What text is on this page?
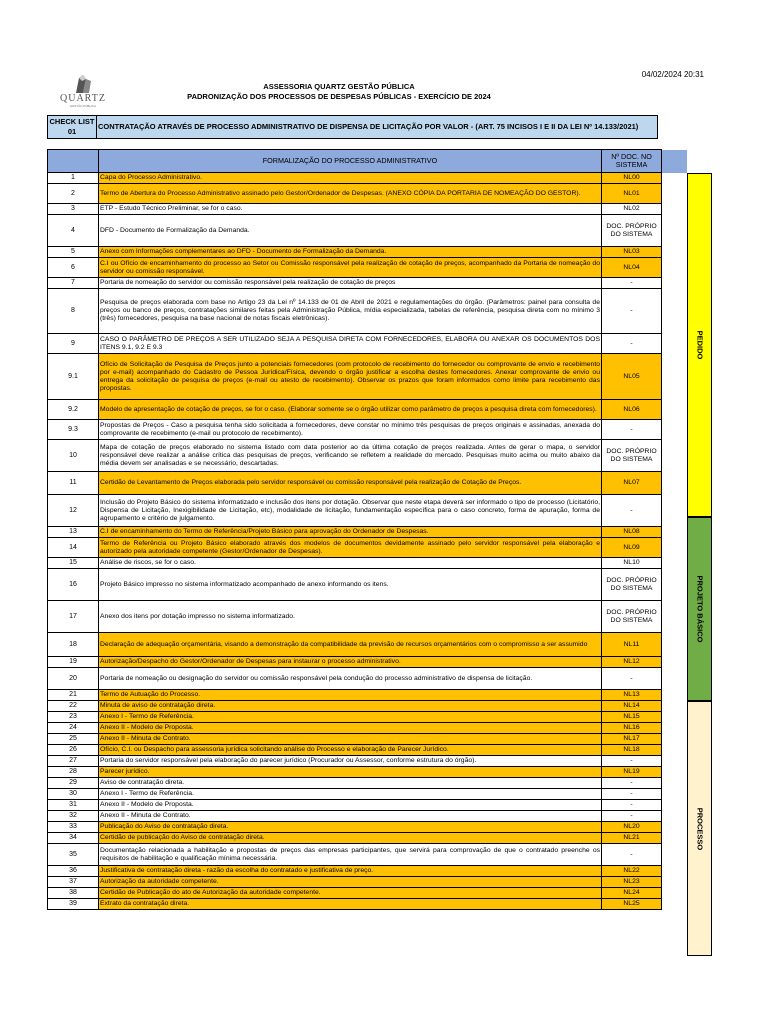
04/02/2024 20:31
QUARTZ
GESTÃO PÚBLICA
ASSESSORIA QUARTZ GESTÃO PÚBLICA
PADRONIZAÇÃO DOS PROCESSOS DE DESPESAS PÚBLICAS - EXERCÍCIO DE 2024
CHECK LIST
01
	CONTRATAÇÃO ATRAVÉS DE PROCESSO ADMINISTRATIVO DE DISPENSA DE LICITAÇÃO POR VALOR - (ART. 75 INCISOS I E II DA LEI Nº 14.133/2021)
	FORMALIZAÇÃO DO PROCESSO ADMINISTRATIVO	Nº DOC. NO SISTEMA	
1	Capa do Processo Administrativo.	NL00	
2	Termo de Abertura do Processo Administrativo assinado pelo Gestor/Ordenador de Despesas. (ANEXO CÓPIA DA PORTARIA DE NOMEAÇÃO DO GESTOR).	NL01	
3	ETP - Estudo Técnico Preliminar, se for o caso.	NL02	
4	DFD - Documento de Formalização da Demanda.	DOC. PRÓPRIO DO SISTEMA	
5	Anexo com Informações complementares ao DFD - Documento de Formalização da Demanda.	NL03	
6	C.I ou Ofício de encaminhamento do processo ao Setor ou Comissão responsável pela realização de cotação de preços, acompanhado da Portaria de nomeação do servidor ou comissão responsável.	NL04	
7	Portaria de nomeação do servidor ou comissão responsável pela realização de cotação de preços	-	
8	Pesquisa de preços elaborada com base no Artigo 23 da Lei nº 14.133 de 01 de Abril de 2021 e regulamentações do órgão. (Parâmetros: painel para consulta de preços ou banco de preços, contratações similares feitas pela Administração Pública, mídia especializada, tabelas de referência, pesquisa direta com no mínimo 3 (três) fornecedores, pesquisa na base nacional de notas fiscais eletrônicas).	-	
9	CASO O PARÂMETRO DE PREÇOS A SER UTILIZADO SEJA A PESQUISA DIRETA COM FORNECEDORES, ELABORA OU ANEXAR OS DOCUMENTOS DOS ITENS 9.1, 9.2 E 9.3	-	
9.1	Ofício de Solicitação de Pesquisa de Preços junto a potenciais fornecedores (com protocolo de recebimento do fornecedor ou comprovante de envio e recebimento por e-mail) acompanhado do Cadastro de Pessoa Jurídica/Física, devendo o órgão justificar a escolha destes fornecedores. Anexar comprovante de envio ou entrega da solicitação de pesquisa de preços (e-mail ou atesto de recebimento). Observar os prazos que foram informados como limite para recebimento das propostas.	NL05	
9.2	Modelo de apresentação de cotação de preços, se for o caso. (Elaborar somente se o órgão utilizar como parâmetro de preços a pesquisa direta com fornecedores).	NL06	
9.3	Propostas de Preços - Caso a pesquisa tenha sido solicitada a fornecedores, deve constar no mínimo três pesquisas de preços originais e assinadas, anexada do comprovante de recebimento (e-mail ou protocolo de recebimento).	-	
10	Mapa de cotação de preços elaborado no sistema listado com data posterior ao da última cotação de preços realizada. Antes de gerar o mapa, o servidor responsável deve realizar a análise crítica das pesquisas de preços, verificando se refletem a realidade do mercado. Pesquisas muito acima ou muito abaixo da média devem ser analisadas e se necessário, descartadas.	DOC. PRÓPRIO DO SISTEMA	
11	Certidão de Levantamento de Preços elaborada pelo servidor responsável ou comissão responsável pela realização de Cotação de Preços.	NL07	
12	Inclusão do Projeto Básico do sistema informatizado e inclusão dos itens por dotação. Observar que neste etapa deverá ser informado o tipo de processo (Licitatório, Dispensa de Licitação, Inexigibilidade de Licitação, etc), modalidade de licitação, fundamentação específica para o caso concreto, forma de apuração, forma de agrupamento e critério de julgamento.	-	
13	C.I de encaminhamento do Termo de Referência/Projeto Básico para aprovação do Ordenador de Despesas.	NL08	
14	Termo de Referência ou Projeto Básico elaborado através dos modelos de documentos devidamente assinado pelo servidor responsável pela elaboração e autorizado pela autoridade competente (Gestor/Ordenador de Despesas).	NL09	
15	Análise de riscos, se for o caso.	NL10	
16	Projeto Básico impresso no sistema informatizado acompanhado de anexo informando os itens.	DOC. PRÓPRIO DO SISTEMA	
17	Anexo dos itens por dotação impresso no sistema informatizado.	DOC. PRÓPRIO DO SISTEMA	
18	Declaração de adequação orçamentária, visando a demonstração da compatibilidade da previsão de recursos orçamentários com o compromisso a ser assumido	NL11	
19	Autorização/Despacho do Gestor/Ordenador de Despesas para instaurar o processo administrativo.	NL12	
20	Portaria de nomeação ou designação do servidor ou comissão responsável pela condução do processo administrativo de dispensa de licitação.	-	
21	Termo de Autuação do Processo.	NL13	
22	Minuta de aviso de contratação direta.	NL14	
23	Anexo I - Termo de Referência.	NL15	
24	Anexo II - Modelo de Proposta.	NL16	
25	Anexo II - Minuta de Contrato.	NL17	
26	Ofício, C.I. ou Despacho para assessoria jurídica solicitando análise do Processo e elaboração de Parecer Jurídico.	NL18	
27	Portaria do servidor responsável pela elaboração do parecer jurídico (Procurador ou Assessor, conforme estrutura do órgão).	-	
28	Parecer jurídico.	NL19	
29	Aviso de contratação direta.	-	
30	Anexo I - Termo de Referência.	-	
31	Anexo II - Modelo de Proposta.	-	
32	Anexo II - Minuta de Contrato.	-	
33	Publicação do Aviso de contratação direta.	NL20	
34	Certidão de publicação do Aviso de contratação direta.	NL21	
35	Documentação relacionada a habilitação e propostas de preços das empresas participantes, que servirá para comprovação de que o contratado preenche os requisitos de habilitação e qualificação mínima necessária.	-	
36	Justificativa de contratação direta - razão da escolha do contratado e justificativa de preço.	NL22	
37	Autorização da autoridade competente.	NL23	
38	Certidão de Publicação do ato de Autorização da autoridade competente.	NL24	
39	Extrato da contratação direta.	NL25	
PEDIDO
PROJETO BÁSICO
PROCESSO
